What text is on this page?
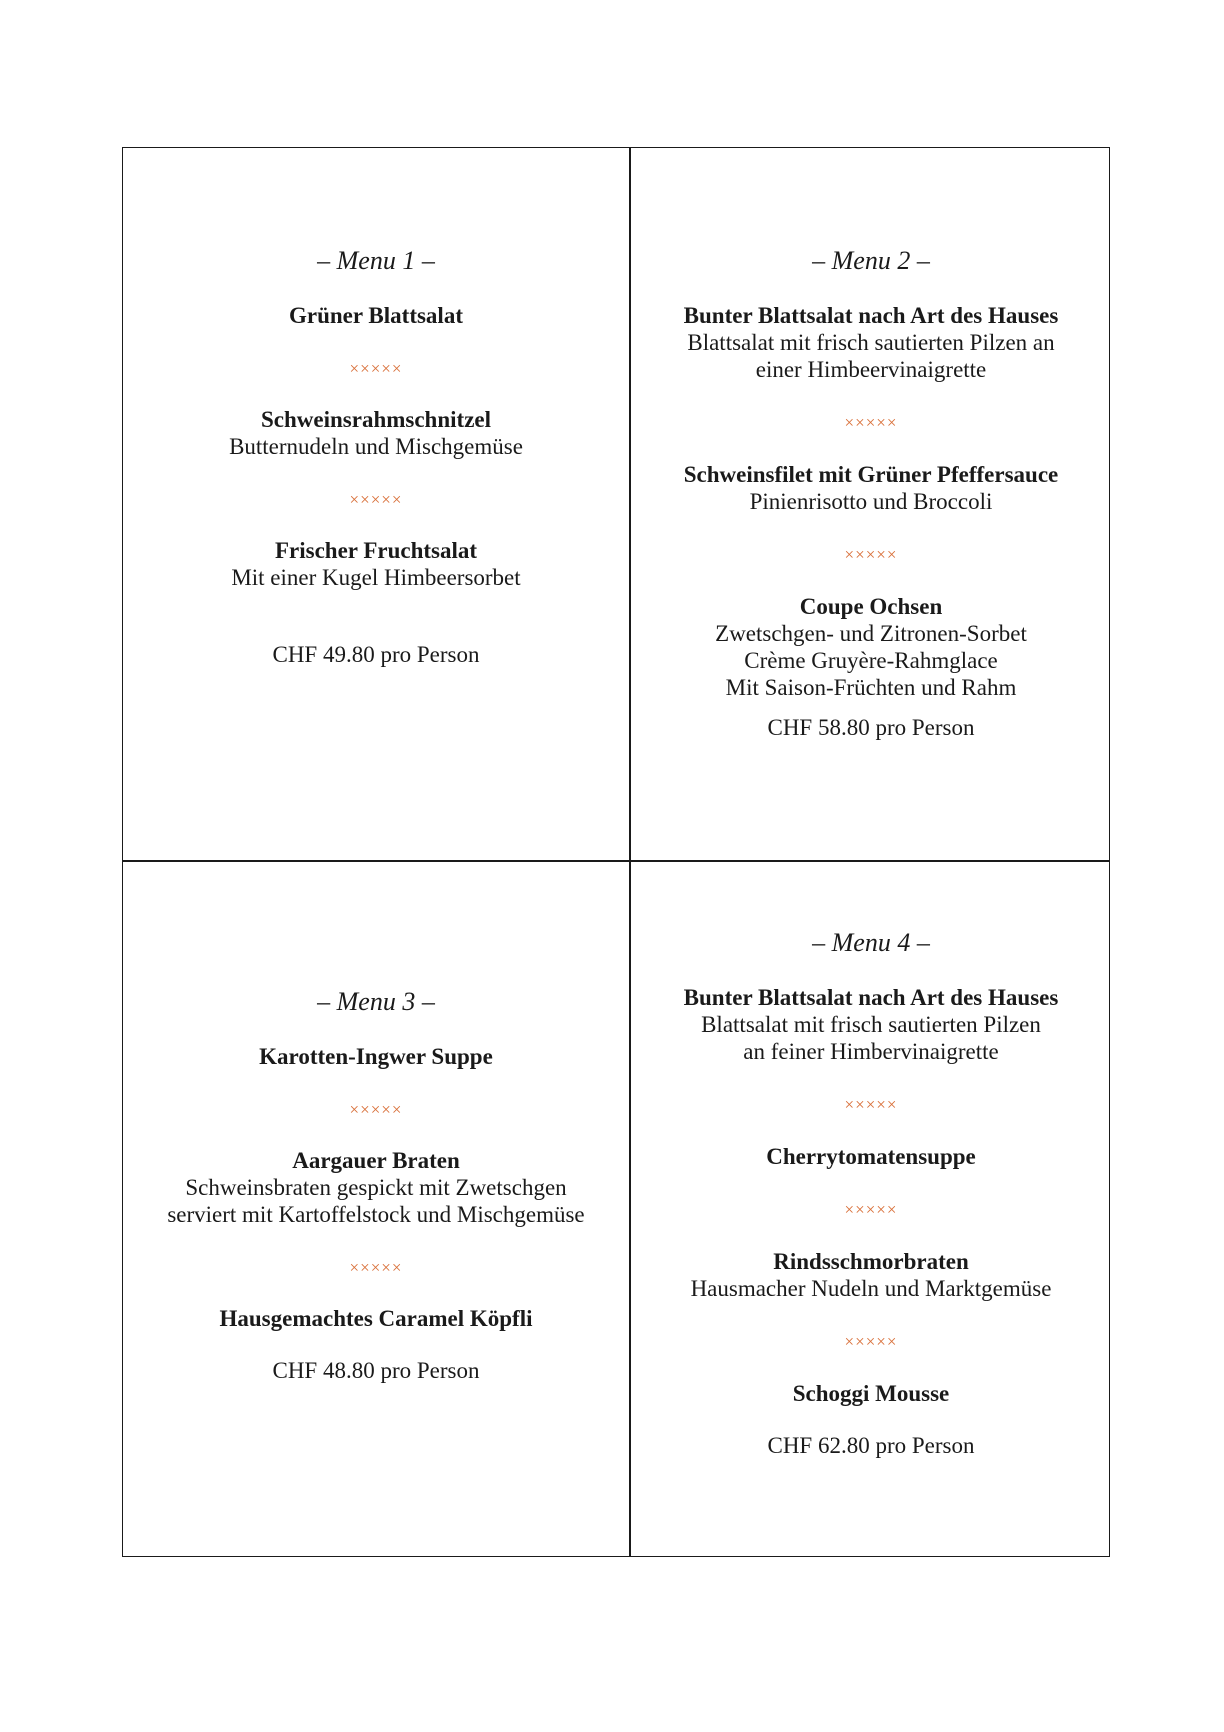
– Menu 1 –

Grüner Blattsalat
×××××
Schweinsrahmschnitzel
Butternudeln und Mischgemüse
×××××
Frischer Fruchtsalat
Mit einer Kugel Himbeersorbet
CHF 49.80 pro Person

– Menu 2 –

Bunter Blattsalat nach Art des Hauses
Blattsalat mit frisch sautierten Pilzen an
einer Himbeervinaigrette
×××××
Schweinsfilet mit Grüner Pfeffersauce
Pinienrisotto und Broccoli
×××××
Coupe Ochsen
Zwetschgen- und Zitronen-Sorbet
Crème Gruyère-Rahmglace
Mit Saison-Früchten und Rahm
CHF 58.80 pro Person

– Menu 3 –

Karotten-Ingwer Suppe
×××××
Aargauer Braten
Schweinsbraten gespickt mit Zwetschgen
serviert mit Kartoffelstock und Mischgemüse
×××××
Hausgemachtes Caramel Köpfli
CHF 48.80 pro Person

– Menu 4 –

Bunter Blattsalat nach Art des Hauses
Blattsalat mit frisch sautierten Pilzen
an feiner Himbervinaigrette
×××××
Cherrytomatensuppe
×××××
Rindsschmorbraten
Hausmacher Nudeln und Marktgemüse
×××××
Schoggi Mousse
CHF 62.80 pro Person
